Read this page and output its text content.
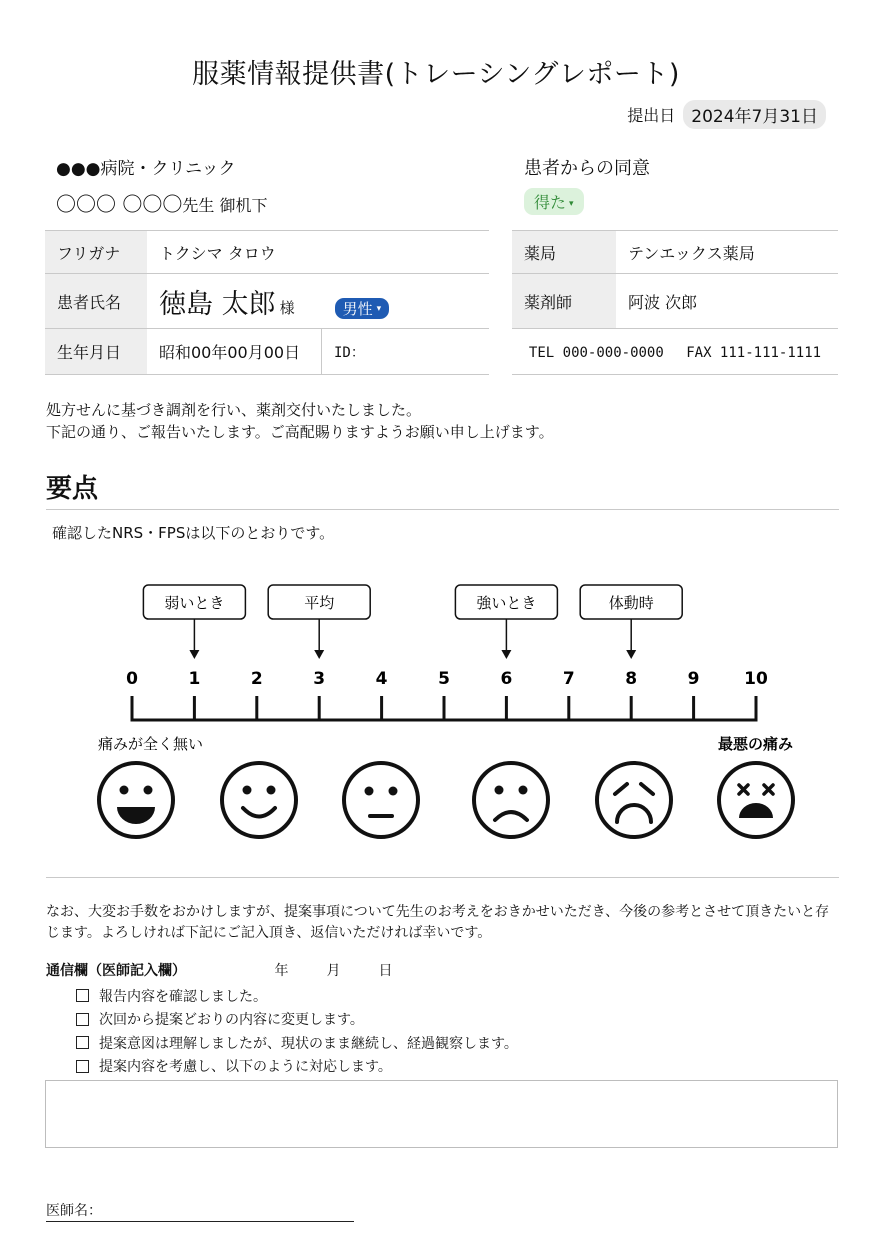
服薬情報提供書(トレーシングレポート)
提出日 2024年7月31日
●●●病院・クリニック
〇〇〇 〇〇〇先生 御机下
患者からの同意
得た ▾
フリガナ	トクシマ タロウ	
患者氏名	徳島 太郎 様 男性 ▾	
生年月日	昭和00年00月00日	ID：
薬局	テンエックス薬局
薬剤師	阿波 次郎
TEL 000-000-0000　 FAX 111-111-1111	
処方せんに基づき調剤を行い、薬剤交付いたしました。
下記の通り、ご報告いたします。ご高配賜りますようお願い申し上げます。
要点
確認したNRS・FPSは以下のとおりです。
0	1	2	3	4	5	6	7	8	9	10
弱いとき	平均	強いとき	体動時
痛みが全く無い	最悪の痛み
なお、大変お手数をおかけしますが、提案事項について先生のお考えをおきかせいただき、今後の参考とさせて頂きたいと存じます。よろしければ下記にご記入頂き、返信いただければ幸いです。
通信欄（医師記入欄）	年	月	日
報告内容を確認しました。
次回から提案どおりの内容に変更します。
提案意図は理解しましたが、現状のまま継続し、経過観察します。
提案内容を考慮し、以下のように対応します。
医師名：
